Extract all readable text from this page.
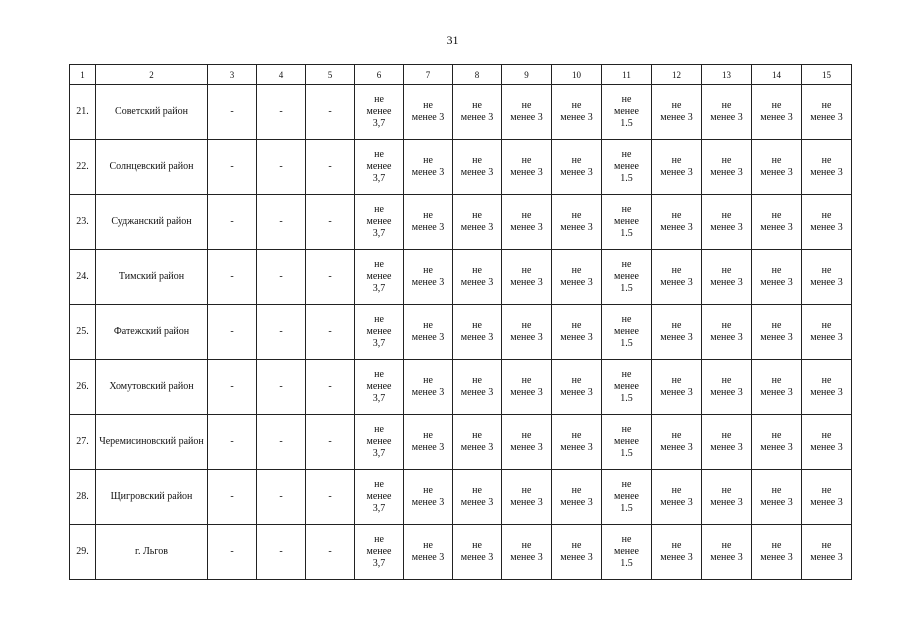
31
1	2	3	4	5	6	7	8	9	10	11	12	13	14	15
21.	Советский район	-	-	-	не
менее
3,7	не
менее 3	не
менее 3	не
менее 3	не
менее 3	не
менее
1.5	не
менее 3	не
менее 3	не
менее 3	не
менее 3
22.	Солнцевский район	-	-	-	не
менее
3,7	не
менее 3	не
менее 3	не
менее 3	не
менее 3	не
менее
1.5	не
менее 3	не
менее 3	не
менее 3	не
менее 3
23.	Суджанский район	-	-	-	не
менее
3,7	не
менее 3	не
менее 3	не
менее 3	не
менее 3	не
менее
1.5	не
менее 3	не
менее 3	не
менее 3	не
менее 3
24.	Тимский район	-	-	-	не
менее
3,7	не
менее 3	не
менее 3	не
менее 3	не
менее 3	не
менее
1.5	не
менее 3	не
менее 3	не
менее 3	не
менее 3
25.	Фатежский район	-	-	-	не
менее
3,7	не
менее 3	не
менее 3	не
менее 3	не
менее 3	не
менее
1.5	не
менее 3	не
менее 3	не
менее 3	не
менее 3
26.	Хомутовский район	-	-	-	не
менее
3,7	не
менее 3	не
менее 3	не
менее 3	не
менее 3	не
менее
1.5	не
менее 3	не
менее 3	не
менее 3	не
менее 3
27.	Черемисиновский район	-	-	-	не
менее
3,7	не
менее 3	не
менее 3	не
менее 3	не
менее 3	не
менее
1.5	не
менее 3	не
менее 3	не
менее 3	не
менее 3
28.	Щигровский район	-	-	-	не
менее
3,7	не
менее 3	не
менее 3	не
менее 3	не
менее 3	не
менее
1.5	не
менее 3	не
менее 3	не
менее 3	не
менее 3
29.	г. Льгов	-	-	-	не
менее
3,7	не
менее 3	не
менее 3	не
менее 3	не
менее 3	не
менее
1.5	не
менее 3	не
менее 3	не
менее 3	не
менее 3
